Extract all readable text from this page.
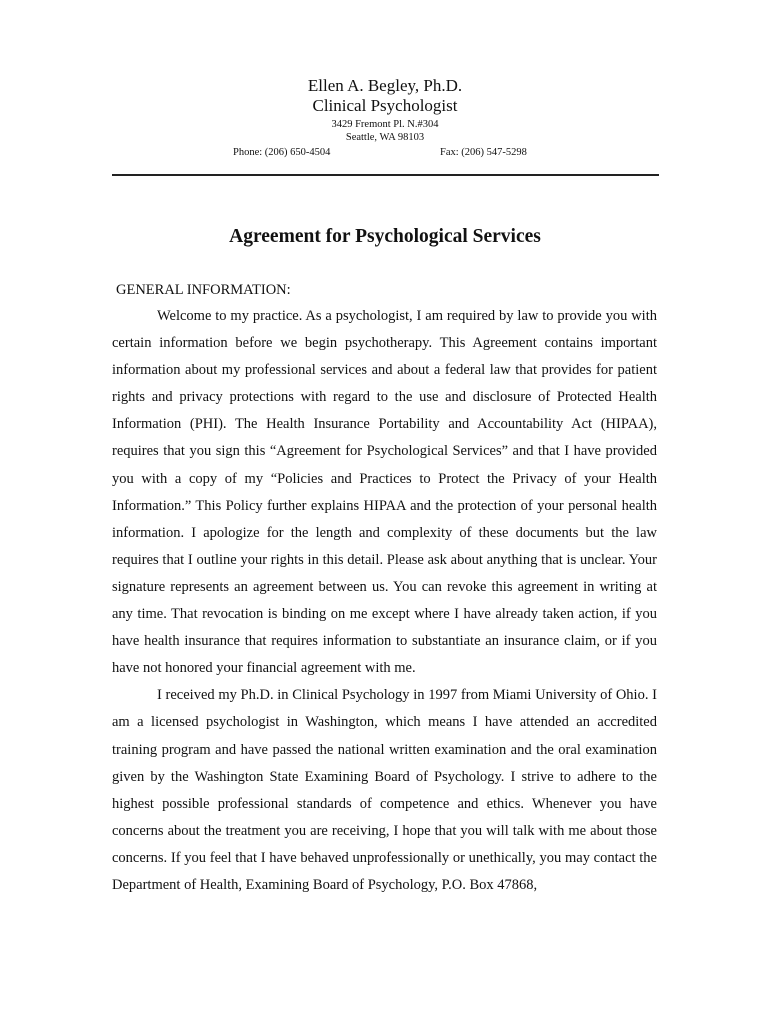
Ellen A. Begley, Ph.D.

Clinical Psychologist

3429 Fremont Pl. N.#304

Seattle, WA 98103

Phone: (206) 650-4504	Fax: (206) 547-5298
Agreement for Psychological Services

GENERAL INFORMATION:

Welcome to my practice. As a psychologist, I am required by law to provide you with certain information before we begin psychotherapy. This Agreement contains important information about my professional services and about a federal law that provides for patient rights and privacy protections with regard to the use and disclosure of Protected Health Information (PHI). The Health Insurance Portability and Accountability Act (HIPAA), requires that you sign this “Agreement for Psychological Services” and that I have provided you with a copy of my “Policies and Practices to Protect the Privacy of your Health Information.” This Policy further explains HIPAA and the protection of your personal health information. I apologize for the length and complexity of these documents but the law requires that I outline your rights in this detail. Please ask about anything that is unclear. Your signature represents an agreement between us. You can revoke this agreement in writing at any time. That revocation is binding on me except where I have already taken action, if you have health insurance that requires information to substantiate an insurance claim, or if you have not honored your financial agreement with me.

I received my Ph.D. in Clinical Psychology in 1997 from Miami University of Ohio. I am a licensed psychologist in Washington, which means I have attended an accredited training program and have passed the national written examination and the oral examination given by the Washington State Examining Board of Psychology. I strive to adhere to the highest possible professional standards of competence and ethics. Whenever you have concerns about the treatment you are receiving, I hope that you will talk with me about those concerns. If you feel that I have behaved unprofessionally or unethically, you may contact the Department of Health, Examining Board of Psychology, P.O. Box 47868,
